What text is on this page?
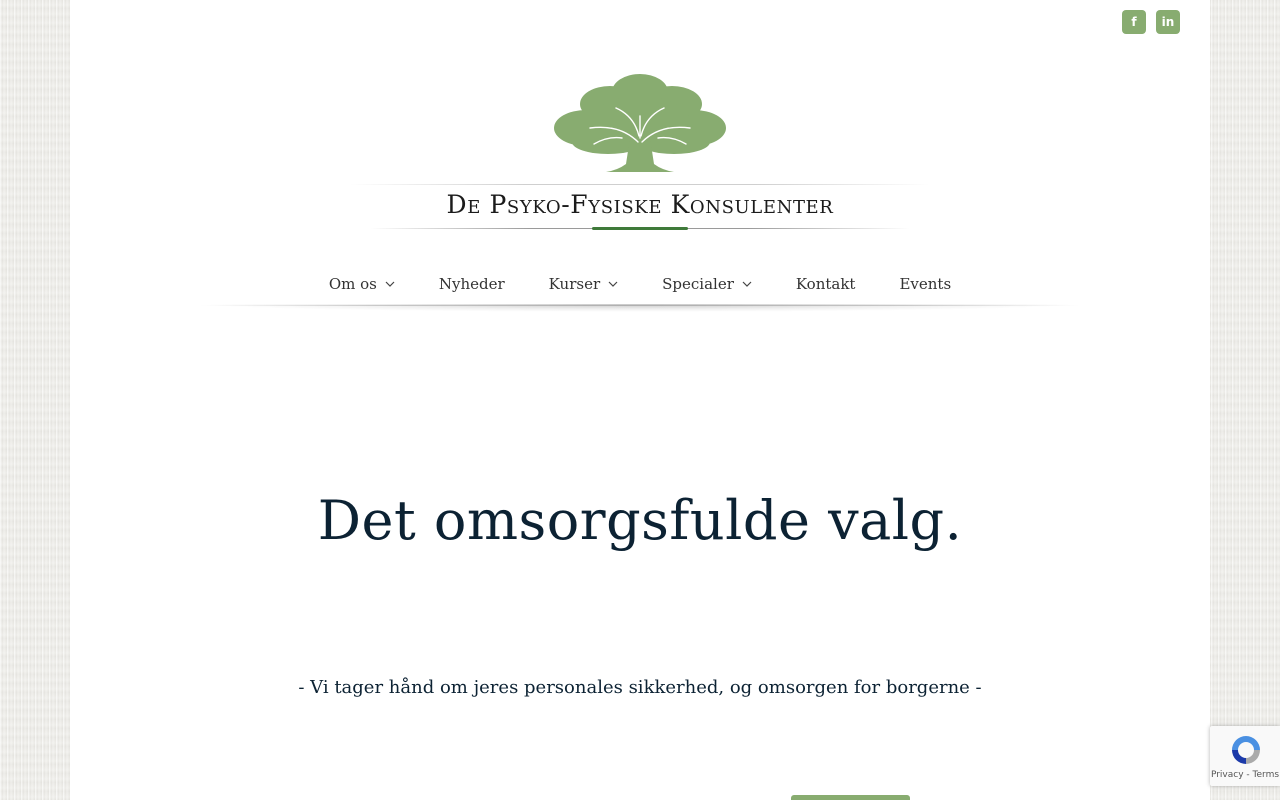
f	in
De Psyko-Fysiske Konsulenter
Om os	Nyheder	Kurser	Specialer	Kontakt	Events
Det omsorgsfulde valg.

- Vi tager hånd om jeres personales sikkerhed, og omsorgen for borgerne -

Privacy - Terms
